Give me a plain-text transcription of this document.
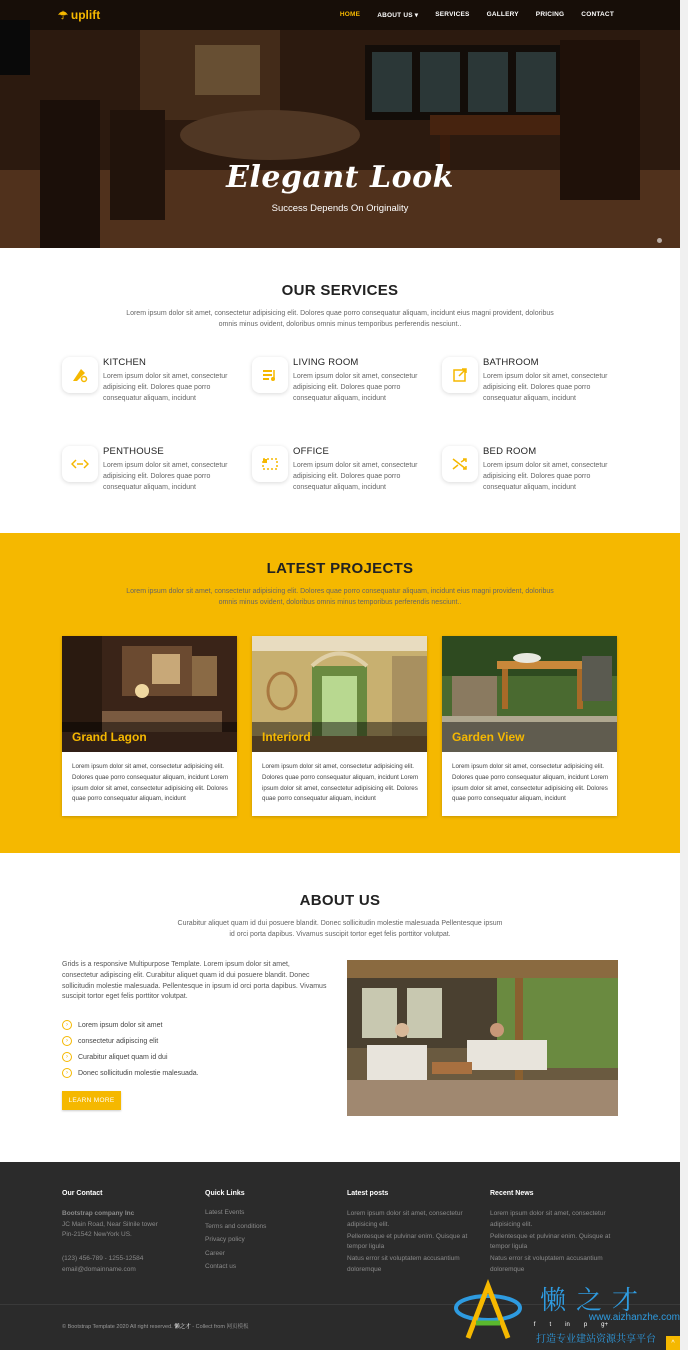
☂ uplift	HOME	ABOUT US ▾	SERVICES	GALLERY	PRICING	CONTACT
Elegant Look
Success Depends On Originality
OUR SERVICES
Lorem ipsum dolor sit amet, consectetur adipisicing elit. Dolores quae porro consequatur aliquam, incidunt eius magni provident, doloribus omnis minus ovident, doloribus omnis minus temporibus perferendis nesciunt..
KITCHEN
Lorem ipsum dolor sit amet, consectetur adipisicing elit. Dolores quae porro consequatur aliquam, incidunt
LIVING ROOM
Lorem ipsum dolor sit amet, consectetur adipisicing elit. Dolores quae porro consequatur aliquam, incidunt
BATHROOM
Lorem ipsum dolor sit amet, consectetur adipisicing elit. Dolores quae porro consequatur aliquam, incidunt
PENTHOUSE
Lorem ipsum dolor sit amet, consectetur adipisicing elit. Dolores quae porro consequatur aliquam, incidunt
OFFICE
Lorem ipsum dolor sit amet, consectetur adipisicing elit. Dolores quae porro consequatur aliquam, incidunt
BED ROOM
Lorem ipsum dolor sit amet, consectetur adipisicing elit. Dolores quae porro consequatur aliquam, incidunt
LATEST PROJECTS
Lorem ipsum dolor sit amet, consectetur adipisicing elit. Dolores quae porro consequatur aliquam, incidunt eius magni provident, doloribus omnis minus ovident, doloribus omnis minus temporibus perferendis nesciunt..
Grand Lagon
Lorem ipsum dolor sit amet, consectetur adipisicing elit. Dolores quae porro consequatur aliquam, incidunt Lorem ipsum dolor sit amet, consectetur adipisicing elit. Dolores quae porro consequatur aliquam, incidunt
Interiord
Lorem ipsum dolor sit amet, consectetur adipisicing elit. Dolores quae porro consequatur aliquam, incidunt Lorem ipsum dolor sit amet, consectetur adipisicing elit. Dolores quae porro consequatur aliquam, incidunt
Garden View
Lorem ipsum dolor sit amet, consectetur adipisicing elit. Dolores quae porro consequatur aliquam, incidunt Lorem ipsum dolor sit amet, consectetur adipisicing elit. Dolores quae porro consequatur aliquam, incidunt
ABOUT US
Curabitur aliquet quam id dui posuere blandit. Donec sollicitudin molestie malesuada Pellentesque ipsum id orci porta dapibus. Vivamus suscipit tortor eget felis porttitor volutpat.
Grids is a responsive Multipurpose Template. Lorem ipsum dolor sit amet, consectetur adipiscing elit. Curabitur aliquet quam id dui posuere blandit. Donec sollicitudin molestie malesuada. Pellentesque in ipsum id orci porta dapibus. Vivamus suscipit tortor eget felis porttitor volutpat.
›	Lorem ipsum dolor sit amet
›	consectetur adipiscing elit
›	Curabitur aliquet quam id dui
›	Donec sollicitudin molestie malesuada.
LEARN MORE
Our Contact
Bootstrap company Inc
JC Main Road, Near Silnile tower
Pin-21542 NewYork US.
(123) 456-789 - 1255-12584
email@domainname.com
Quick Links
Latest Events
Terms and conditions
Privacy policy
Career
Contact us
Latest posts
Lorem ipsum dolor sit amet, consectetur adipisicing elit.
Pellentesque et pulvinar enim. Quisque at tempor ligula
Natus error sit voluptatem accusantium doloremque
Recent News
Lorem ipsum dolor sit amet, consectetur adipisicing elit.
Pellentesque et pulvinar enim. Quisque at tempor ligula
Natus error sit voluptatem accusantium doloremque
© Bootstrap Template 2020 All right reserved. 懒之才 - Collect from 网页模板	f t in p g+
懒之才
www.aizhanzhe.com
打造专业建站资源共享平台	^
